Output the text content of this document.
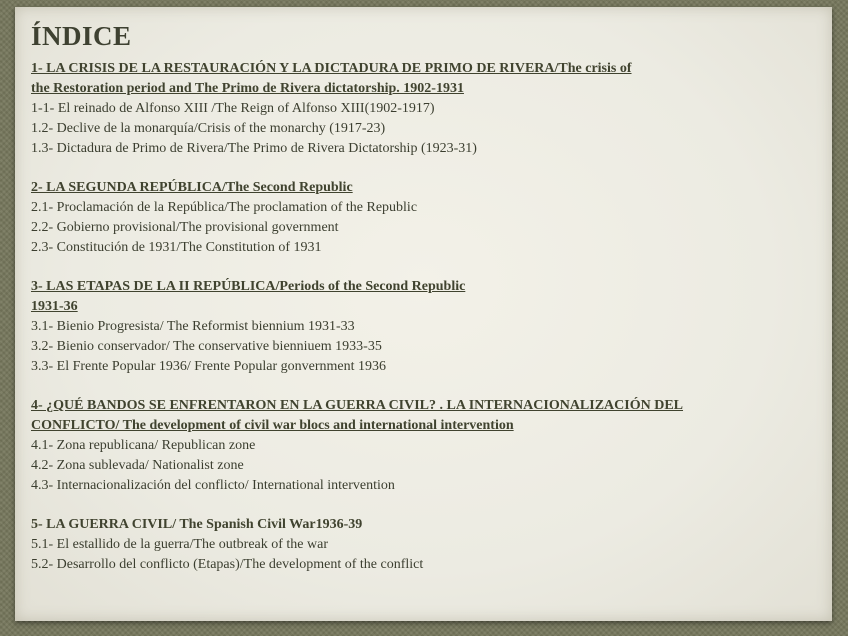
ÍNDICE

1- LA CRISIS DE LA RESTAURACIÓN Y LA DICTADURA DE PRIMO DE RIVERA/The crisis of

the Restoration period and The Primo de Rivera dictatorship. 1902-1931

1-1- El reinado de Alfonso XIII /The Reign of Alfonso XIII(1902-1917)

1.2- Declive de la monarquía/Crisis of the monarchy (1917-23)

1.3- Dictadura de Primo de Rivera/The Primo de Rivera Dictatorship (1923-31)

2- LA SEGUNDA REPÚBLICA/The Second Republic

2.1- Proclamación de la República/The proclamation of the Republic

2.2- Gobierno provisional/The provisional government

2.3- Constitución de 1931/The Constitution of 1931

3- LAS ETAPAS DE LA II REPÚBLICA/Periods of the Second Republic

1931-36

3.1- Bienio Progresista/ The Reformist biennium 1931-33

3.2- Bienio conservador/ The conservative bienniuem 1933-35

3.3- El Frente Popular 1936/ Frente Popular gonvernment 1936

4- ¿QUÉ BANDOS SE ENFRENTARON EN LA GUERRA CIVIL? . LA INTERNACIONALIZACIÓN DEL

CONFLICTO/ The development of civil war blocs and international intervention

4.1- Zona republicana/ Republican zone

4.2- Zona sublevada/ Nationalist zone

4.3- Internacionalización del conflicto/ International intervention

5- LA GUERRA CIVIL/ The Spanish Civil War1936-39

5.1- El estallido de la guerra/The outbreak of the war

5.2- Desarrollo del conflicto (Etapas)/The development of the conflict
